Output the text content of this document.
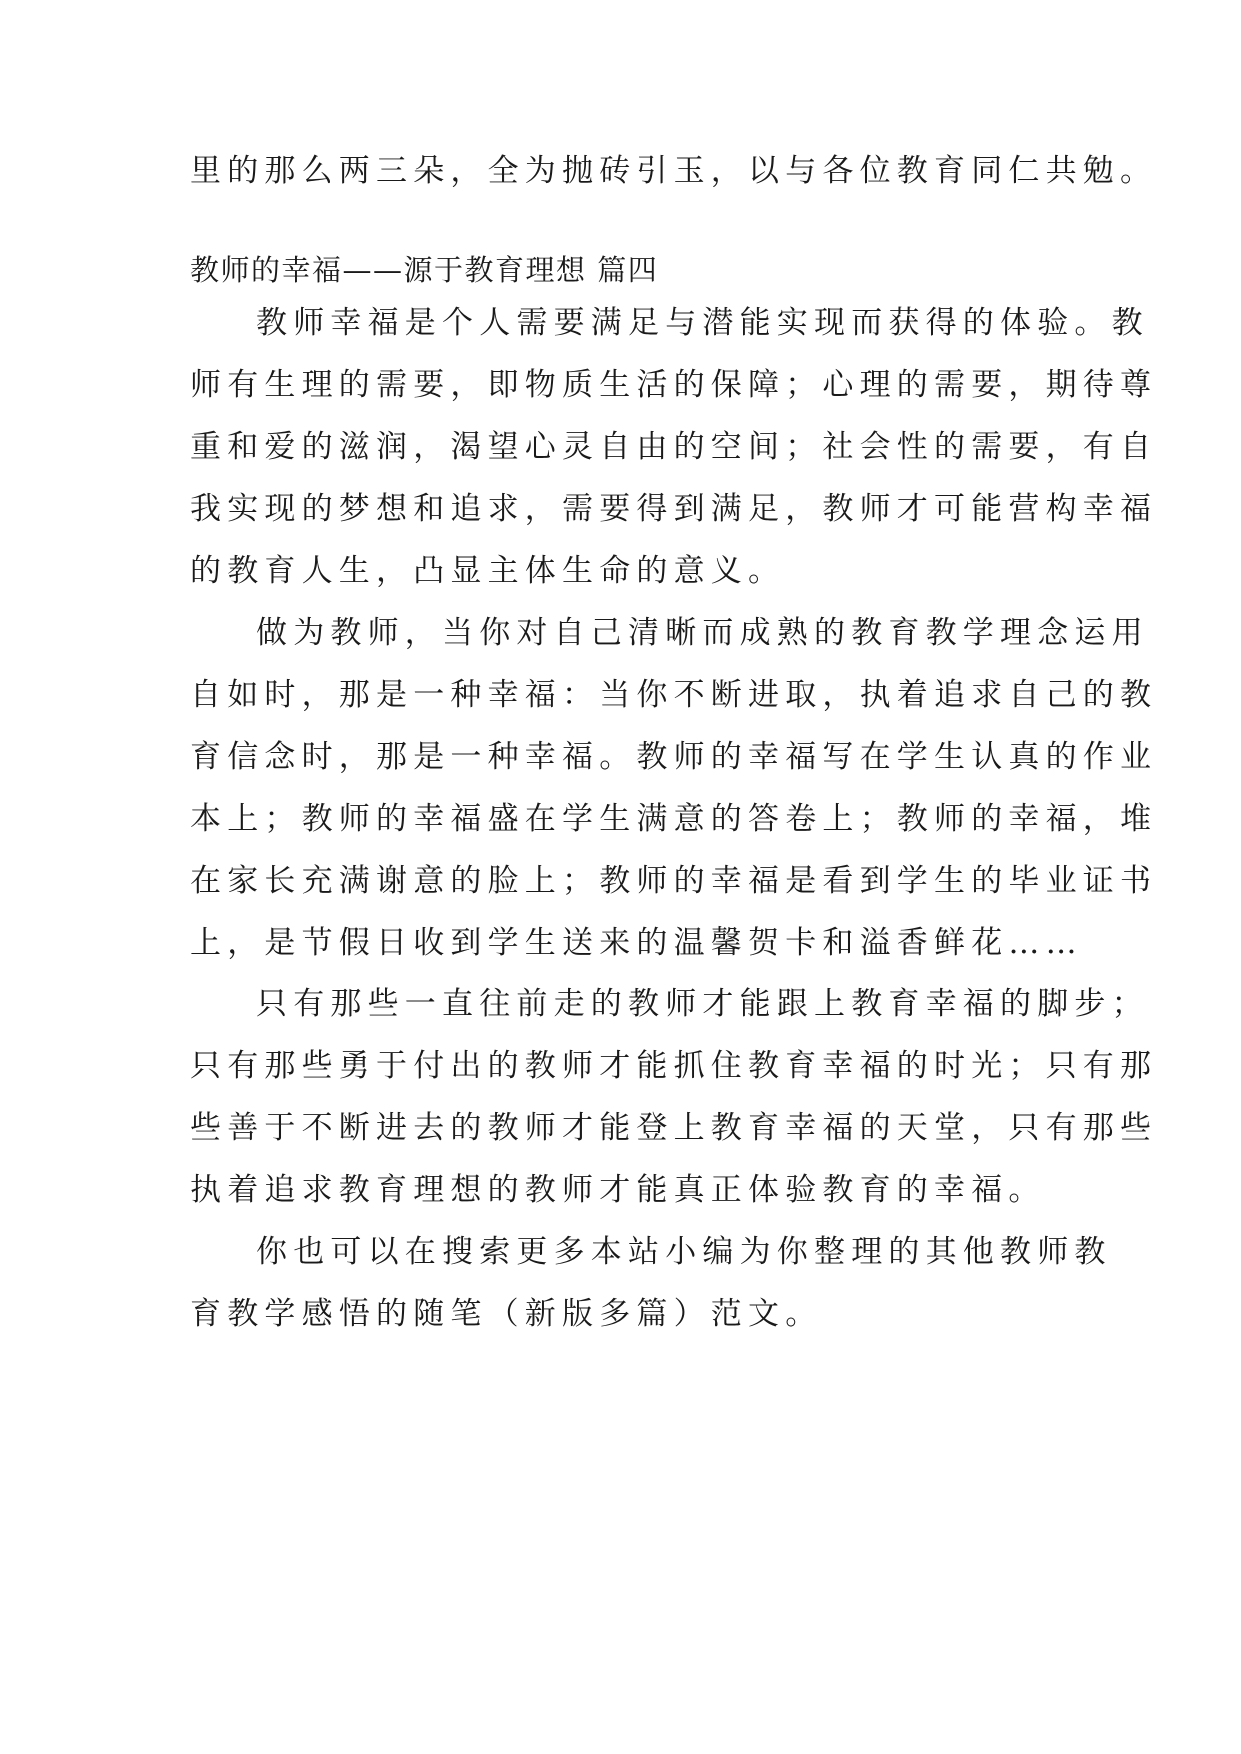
里的那么两三朵，全为抛砖引玉，以与各位教育同仁共勉。
教师的幸福——源于教育理想 篇四
教师幸福是个人需要满足与潜能实现而获得的体验。教
师有生理的需要，即物质生活的保障；心理的需要，期待尊
重和爱的滋润，渴望心灵自由的空间；社会性的需要，有自
我实现的梦想和追求，需要得到满足，教师才可能营构幸福
的教育人生，凸显主体生命的意义。
做为教师，当你对自己清晰而成熟的教育教学理念运用
自如时，那是一种幸福：当你不断进取，执着追求自己的教
育信念时，那是一种幸福。教师的幸福写在学生认真的作业
本上；教师的幸福盛在学生满意的答卷上；教师的幸福，堆
在家长充满谢意的脸上；教师的幸福是看到学生的毕业证书
上，是节假日收到学生送来的温馨贺卡和溢香鲜花……
只有那些一直往前走的教师才能跟上教育幸福的脚步；
只有那些勇于付出的教师才能抓住教育幸福的时光；只有那
些善于不断进去的教师才能登上教育幸福的天堂，只有那些
执着追求教育理想的教师才能真正体验教育的幸福。
你也可以在搜索更多本站小编为你整理的其他教师教
育教学感悟的随笔（新版多篇）范文。
